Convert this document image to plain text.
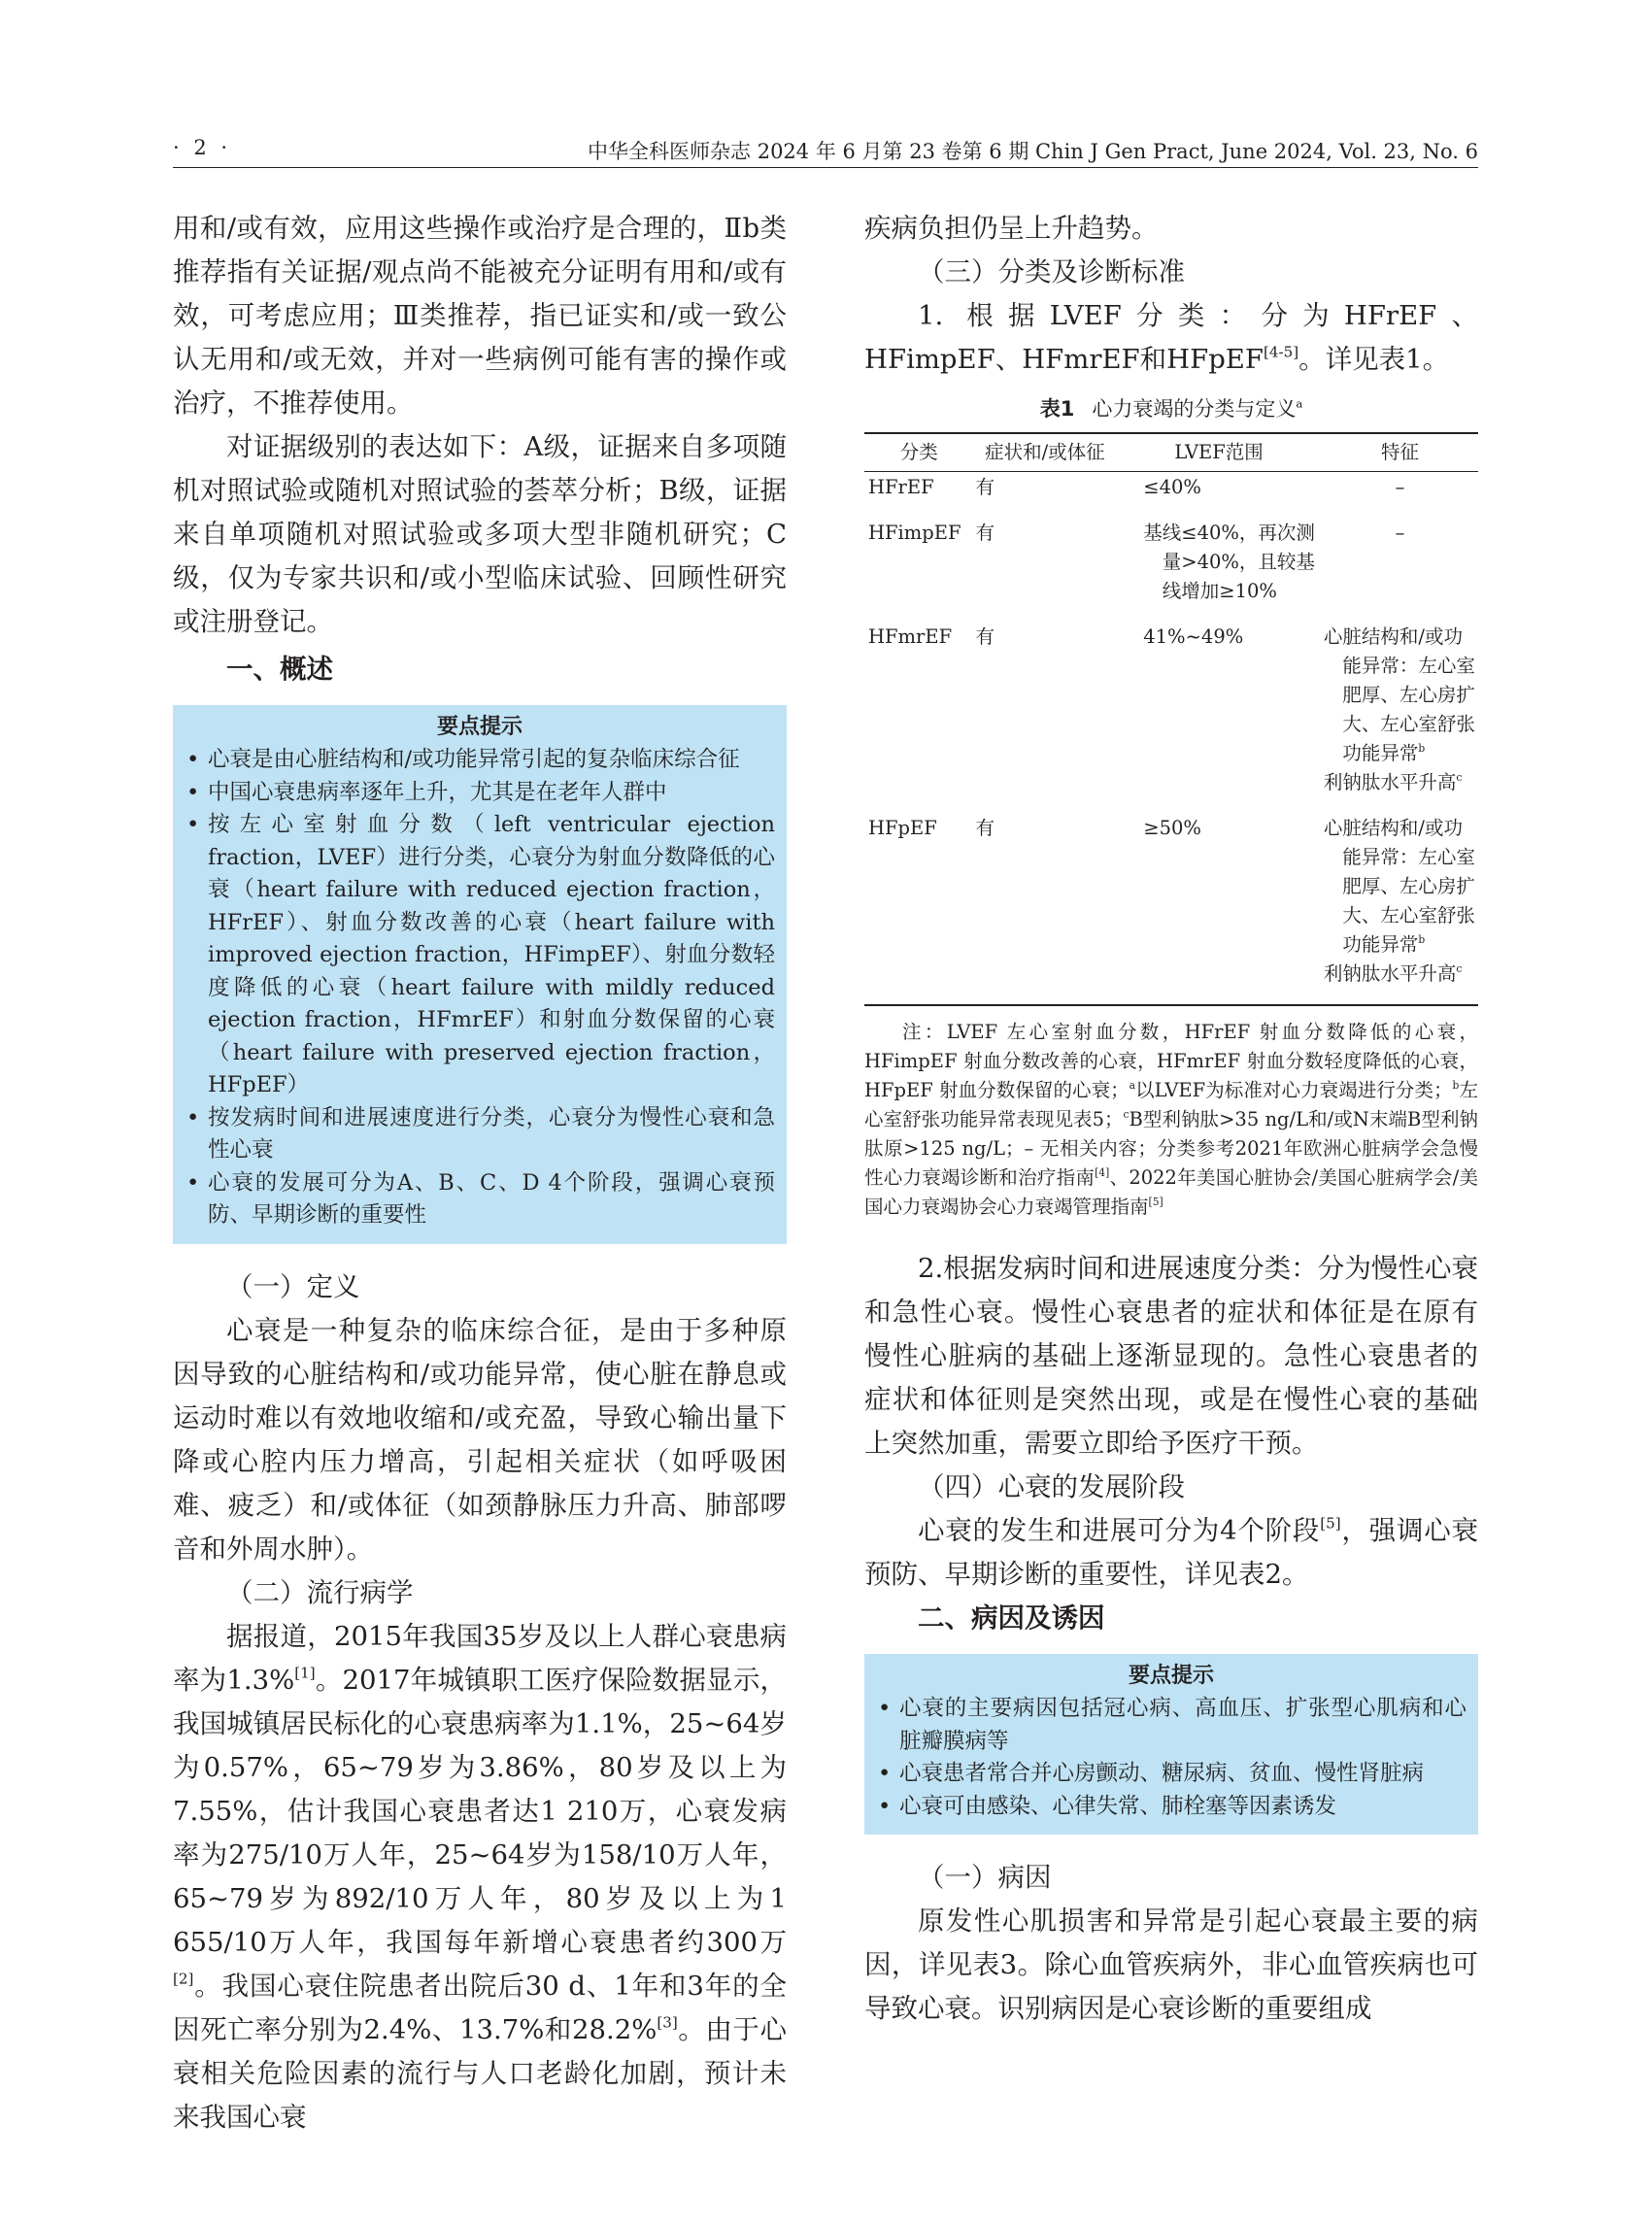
· 2 ·	中华全科医师杂志 2024 年 6 月第 23 卷第 6 期 Chin J Gen Pract, June 2024, Vol. 23, No. 6

用和/或有效，应用这些操作或治疗是合理的，Ⅱb类推荐指有关证据/观点尚不能被充分证明有用和/或有效，可考虑应用；Ⅲ类推荐，指已证实和/或一致公认无用和/或无效，并对一些病例可能有害的操作或治疗，不推荐使用。

对证据级别的表达如下：A级，证据来自多项随机对照试验或随机对照试验的荟萃分析；B级，证据来自单项随机对照试验或多项大型非随机研究；C级，仅为专家共识和/或小型临床试验、回顾性研究或注册登记。

一、概述
要点提示
• 心衰是由心脏结构和/或功能异常引起的复杂临床综合征
• 中国心衰患病率逐年上升，尤其是在老年人群中
• 按左心室射血分数（left ventricular ejection fraction，LVEF）进行分类，心衰分为射血分数降低的心衰（heart failure with reduced ejection fraction，HFrEF）、射血分数改善的心衰（heart failure with improved ejection fraction，HFimpEF）、射血分数轻度降低的心衰（heart failure with mildly reduced ejection fraction，HFmrEF）和射血分数保留的心衰（heart failure with preserved ejection fraction，HFpEF）
• 按发病时间和进展速度进行分类，心衰分为慢性心衰和急性心衰
• 心衰的发展可分为A、B、C、D 4个阶段，强调心衰预防、早期诊断的重要性

（一）定义

心衰是一种复杂的临床综合征，是由于多种原因导致的心脏结构和/或功能异常，使心脏在静息或运动时难以有效地收缩和/或充盈，导致心输出量下降或心腔内压力增高，引起相关症状（如呼吸困难、疲乏）和/或体征（如颈静脉压力升高、肺部啰音和外周水肿）。

（二）流行病学

据报道，2015年我国35岁及以上人群心衰患病率为1.3%[1]。2017年城镇职工医疗保险数据显示，我国城镇居民标化的心衰患病率为1.1%，25~64岁为0.57%，65~79岁为3.86%，80岁及以上为7.55%，估计我国心衰患者达1 210万，心衰发病率为275/10万人年，25~64岁为158/10万人年，65~79岁为892/10万人年，80岁及以上为1 655/10万人年，我国每年新增心衰患者约300万[2]。我国心衰住院患者出院后30 d、1年和3年的全因死亡率分别为2.4%、13.7%和28.2%[3]。由于心衰相关危险因素的流行与人口老龄化加剧，预计未来我国心衰

疾病负担仍呈上升趋势。

（三）分类及诊断标准

1. 根据LVEF分类：分为HFrEF、HFimpEF、HFmrEF和HFpEF[4-5]。详见表1。

表1 心力衰竭的分类与定义$^a$
分类	症状和/或体征	LVEF范围	特征
HFrEF	有	≤40%	–
HFimpEF	有	基线≤40%，再次测量>40%，且较基线增加≥10%	–
HFmrEF	有	41%~49%	心脏结构和/或功能异常：左心室肥厚、左心房扩大、左心室舒张功能异常$^b$
利钠肽水平升高$^c$

HFpEF	有	≥50%	心脏结构和/或功能异常：左心室肥厚、左心房扩大、左心室舒张功能异常$^b$
利钠肽水平升高$^c$
注：LVEF 左心室射血分数，HFrEF 射血分数降低的心衰，HFimpEF 射血分数改善的心衰，HFmrEF 射血分数轻度降低的心衰，HFpEF 射血分数保留的心衰；$^a$以LVEF为标准对心力衰竭进行分类；$^b$左心室舒张功能异常表现见表5；$^c$B型利钠肽>35 ng/L和/或N末端B型利钠肽原>125 ng/L；– 无相关内容；分类参考2021年欧洲心脏病学会急慢性心力衰竭诊断和治疗指南[4]、2022年美国心脏协会/美国心脏病学会/美国心力衰竭协会心力衰竭管理指南[5]

2.根据发病时间和进展速度分类：分为慢性心衰和急性心衰。慢性心衰患者的症状和体征是在原有慢性心脏病的基础上逐渐显现的。急性心衰患者的症状和体征则是突然出现，或是在慢性心衰的基础上突然加重，需要立即给予医疗干预。

（四）心衰的发展阶段

心衰的发生和进展可分为4个阶段[5]，强调心衰预防、早期诊断的重要性，详见表2。

二、病因及诱因
要点提示
• 心衰的主要病因包括冠心病、高血压、扩张型心肌病和心脏瓣膜病等
• 心衰患者常合并心房颤动、糖尿病、贫血、慢性肾脏病
• 心衰可由感染、心律失常、肺栓塞等因素诱发

（一）病因

原发性心肌损害和异常是引起心衰最主要的病因，详见表3。除心血管疾病外，非心血管疾病也可导致心衰。识别病因是心衰诊断的重要组成
